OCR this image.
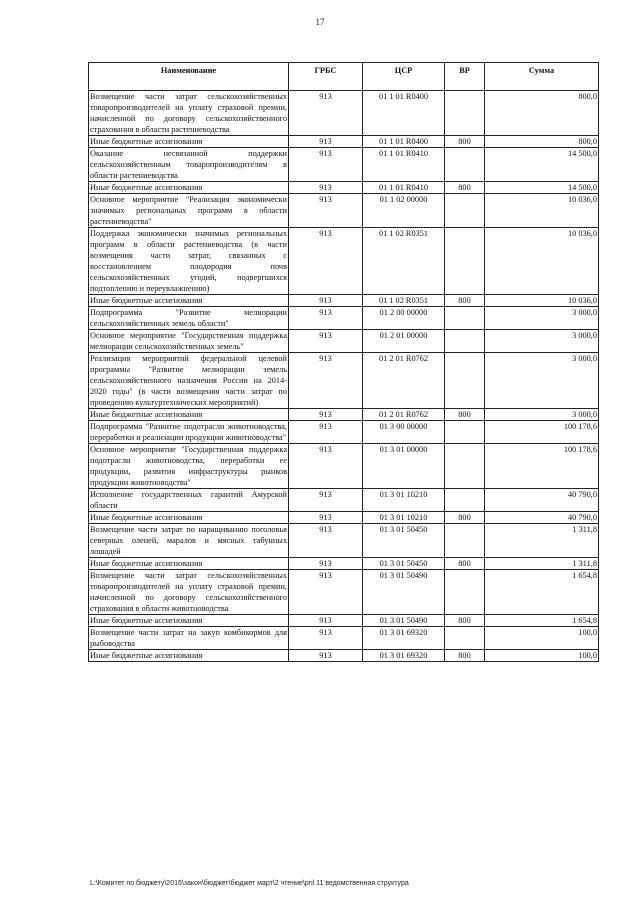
17
Наименование	ГРБС	ЦСР	ВР	Сумма
Возмещение части затрат сельскохозяйственных товаропроизводителей на уплату страховой премии, начисленной по договору сельскохозяйственного страхования в области растениеводства	913	01 1 01 R0400		800,0
Иные бюджетные ассигнования	913	01 1 01 R0400	800	800,0
Оказание несвязанной поддержки сельскохозяйственным товаропроизводителям в области растениеводства	913	01 1 01 R0410		14 500,0
Иные бюджетные ассигнования	913	01 1 01 R0410	800	14 500,0
Основное мероприятие "Реализация экономически значимых региональных программ в области растениеводства"	913	01 1 02 00000		10 036,0
Поддержка экономически значимых региональных программ в области растениеводства (в части возмещения части затрат, связанных с восстановлением плодородия почв сельскохозяйственных угодий, подвергшихся подтоплению и переувлажнению)	913	01 1 02 R0351		10 036,0
Иные бюджетные ассигнования	913	01 1 02 R0351	800	10 036,0
Подпрограмма "Развитие мелиорации сельскохозяйственных земель области"	913	01 2 00 00000		3 000,0
Основное мероприятие "Государственная поддержка мелиорации сельскохозяйственных земель"	913	01 2 01 00000		3 000,0
Реализация мероприятий федеральной целевой программы "Развитие мелиорации земель сельскохозяйственного назначения России на 2014-2020 годы" (в части возмещения части затрат по проведению культуртехнических мероприятий)	913	01 2 01 R0762		3 000,0
Иные бюджетные ассигнования	913	01 2 01 R0762	800	3 000,0
Подпрограмма "Развитие подотрасли животноводства, переработки и реализации продукции животноводства"	913	01 3 00 00000		100 178,6
Основное мероприятие "Государственная поддержка подотрасли животноводства, переработки ее продукции, развития инфраструктуры рынков продукции животноводства"	913	01 3 01 00000		100 178,6
Исполнение государственных гарантий Амурской области	913	01 3 01 10210		40 790,0
Иные бюджетные ассигнования	913	01 3 01 10210	800	40 790,0
Возмещение части затрат по наращиванию поголовья северных оленей, маралов и мясных табунных лошадей	913	01 3 01 50450		1 311,8
Иные бюджетные ассигнования	913	01 3 01 50450	800	1 311,8
Возмещение части затрат сельскохозяйственных товаропроизводителей на уплату страховой премии, начисленной по договору сельскохозяйственного страхования в области животноводства	913	01 3 01 50490		1 654,8
Иные бюджетные ассигнования	913	01 3 01 50490	800	1 654,8
Возмещение части затрат на закуп комбикормов для рыбоводства	913	01 3 01 69320		100,0
Иные бюджетные ассигнования	913	01 3 01 69320	800	100,0
L:\Комитет по бюджету\2016\закон\бюджет\бюджет март\2 чтение\pril 11 ведомственная структура
